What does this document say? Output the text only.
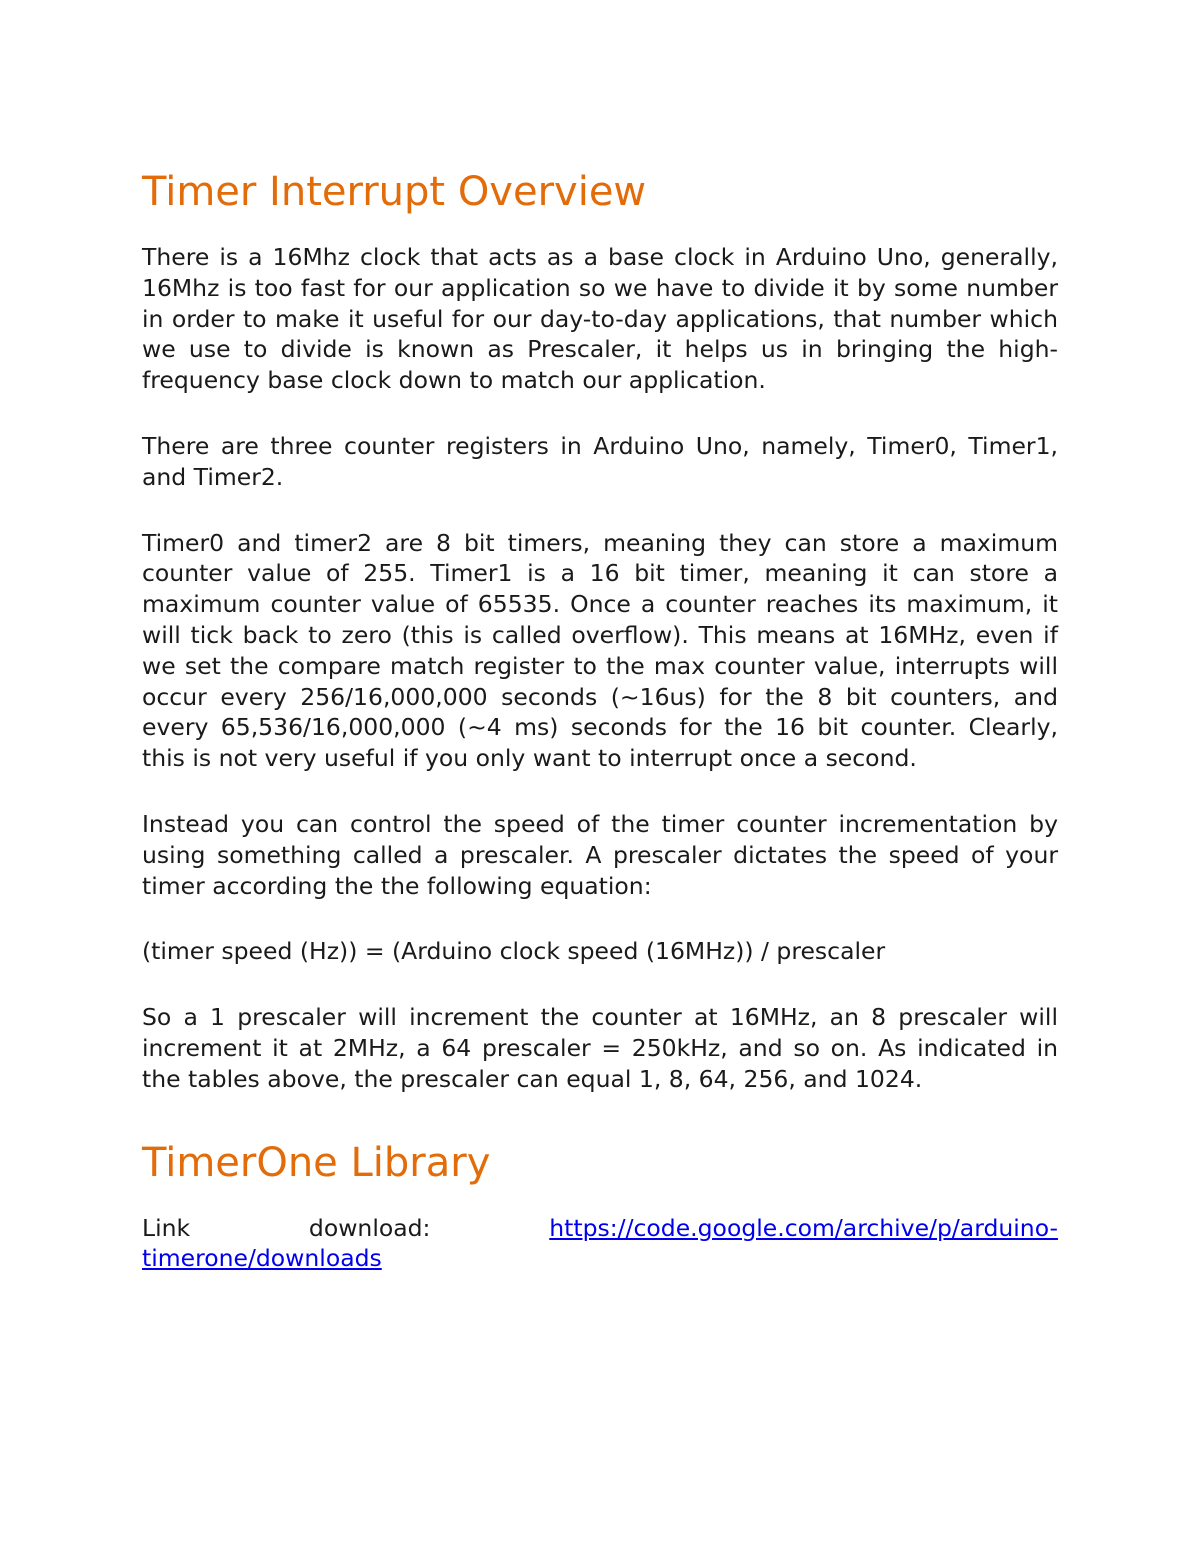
Timer Interrupt Overview

There is a 16Mhz clock that acts as a base clock in Arduino Uno, generally, 16Mhz is too fast for our application so we have to divide it by some number in order to make it useful for our day-to-day applications, that number which we use to divide is known as Prescaler, it helps us in bringing the high-frequency base clock down to match our application.

There are three counter registers in Arduino Uno, namely, Timer0, Timer1, and Timer2.

Timer0 and timer2 are 8 bit timers, meaning they can store a maximum counter value of 255. Timer1 is a 16 bit timer, meaning it can store a maximum counter value of 65535. Once a counter reaches its maximum, it will tick back to zero (this is called overflow). This means at 16MHz, even if we set the compare match register to the max counter value, interrupts will occur every 256/16,000,000 seconds (~16us) for the 8 bit counters, and every 65,536/16,000,000 (~4 ms) seconds for the 16 bit counter. Clearly, this is not very useful if you only want to interrupt once a second.

Instead you can control the speed of the timer counter incrementation by using something called a prescaler. A prescaler dictates the speed of your timer according the the following equation:

(timer speed (Hz)) = (Arduino clock speed (16MHz)) / prescaler

So a 1 prescaler will increment the counter at 16MHz, an 8 prescaler will increment it at 2MHz, a 64 prescaler = 250kHz, and so on. As indicated in the tables above, the prescaler can equal 1, 8, 64, 256, and 1024.

TimerOne Library

Link download:	https://code.google.com/archive/p/arduino-timerone/downloads
